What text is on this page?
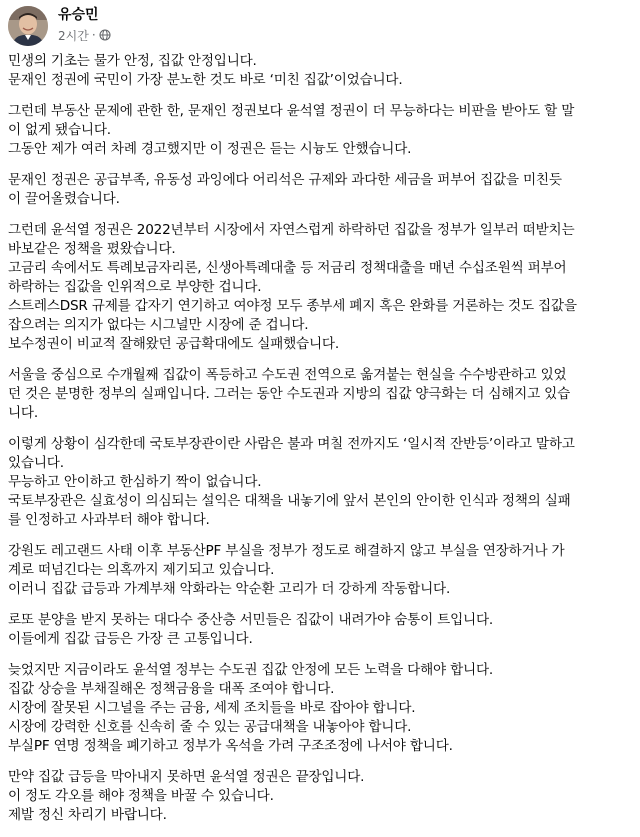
유승민
2시간 ·

민생의 기초는 물가 안정, 집값 안정입니다.
문재인 정권에 국민이 가장 분노한 것도 바로 ‘미친 집값’이었습니다.

그런데 부동산 문제에 관한 한, 문재인 정권보다 윤석열 정권이 더 무능하다는 비판을 받아도 할 말
이 없게 됐습니다.
그동안 제가 여러 차례 경고했지만 이 정권은 듣는 시늉도 안했습니다.

문재인 정권은 공급부족, 유동성 과잉에다 어리석은 규제와 과다한 세금을 퍼부어 집값을 미친듯
이 끌어올렸습니다.

그런데 윤석열 정권은 2022년부터 시장에서 자연스럽게 하락하던 집값을 정부가 일부러 떠받치는
바보같은 정책을 폈왔습니다.
고금리 속에서도 특례보금자리론, 신생아특례대출 등 저금리 정책대출을 매년 수십조원씩 퍼부어
하락하는 집값을 인위적으로 부양한 겁니다.
스트레스DSR 규제를 갑자기 연기하고 여야정 모두 종부세 폐지 혹은 완화를 거론하는 것도 집값을
잡으려는 의지가 없다는 시그널만 시장에 준 겁니다.
보수정권이 비교적 잘해왔던 공급확대에도 실패했습니다.

서울을 중심으로 수개월째 집값이 폭등하고 수도권 전역으로 옮겨붙는 현실을 수수방관하고 있었
던 것은 분명한 정부의 실패입니다. 그러는 동안 수도권과 지방의 집값 양극화는 더 심해지고 있습
니다.

이렇게 상황이 심각한데 국토부장관이란 사람은 불과 며칠 전까지도 ‘일시적 잔반등’이라고 말하고
있습니다.
무능하고 안이하고 한심하기 짝이 없습니다.
국토부장관은 실효성이 의심되는 설익은 대책을 내놓기에 앞서 본인의 안이한 인식과 정책의 실패
를 인정하고 사과부터 해야 합니다.

강원도 레고랜드 사태 이후 부동산PF 부실을 정부가 정도로 해결하지 않고 부실을 연장하거나 가
계로 떠넘긴다는 의혹까지 제기되고 있습니다.
이러니 집값 급등과 가계부채 악화라는 악순환 고리가 더 강하게 작동합니다.

로또 분양을 받지 못하는 대다수 중산층 서민들은 집값이 내려가야 숨통이 트입니다.
이들에게 집값 급등은 가장 큰 고통입니다.

늦었지만 지금이라도 윤석열 정부는 수도권 집값 안정에 모든 노력을 다해야 합니다.
집값 상승을 부채질해온 정책금융을 대폭 조여야 합니다.
시장에 잘못된 시그널을 주는 금융, 세제 조치들을 바로 잡아야 합니다.
시장에 강력한 신호를 신속히 줄 수 있는 공급대책을 내놓아야 합니다.
부실PF 연명 정책을 폐기하고 정부가 옥석을 가려 구조조정에 나서야 합니다.

만약 집값 급등을 막아내지 못하면 윤석열 정권은 끝장입니다.
이 정도 각오를 해야 정책을 바꿀 수 있습니다.
제발 정신 차리기 바랍니다.
